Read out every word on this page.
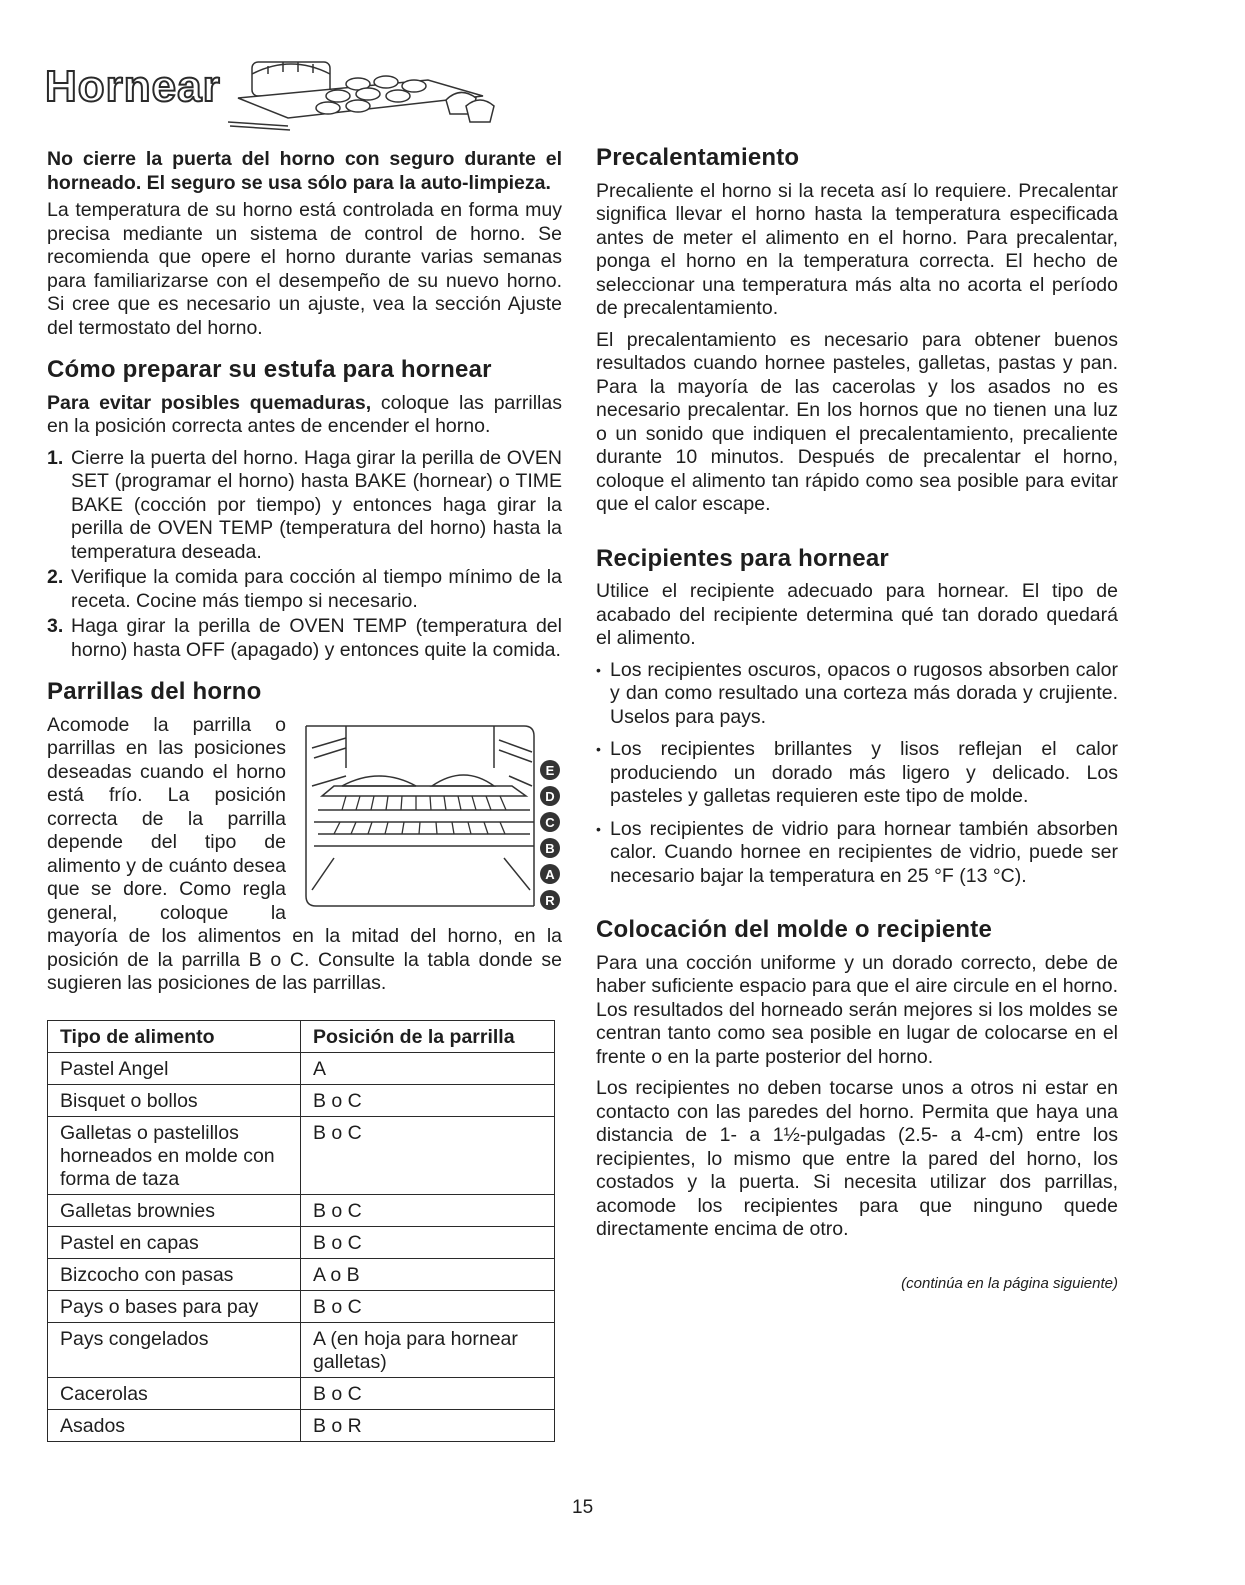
Hornear

No cierre la puerta del horno con seguro durante el horneado. El seguro se usa sólo para la auto-limpieza.

La temperatura de su horno está controlada en forma muy precisa mediante un sistema de control de horno. Se recomienda que opere el horno durante varias semanas para familiarizarse con el desempeño de su nuevo horno. Si cree que es necesario un ajuste, vea la sección Ajuste del termostato del horno.

Cómo preparar su estufa para hornear

Para evitar posibles quemaduras, coloque las parrillas en la posición correcta antes de encender el horno.

1. Cierre la puerta del horno. Haga girar la perilla de OVEN SET (programar el horno) hasta BAKE (hornear) o TIME BAKE (cocción por tiempo) y entonces haga girar la perilla de OVEN TEMP (temperatura del horno) hasta la temperatura deseada.
2. Verifique la comida para cocción al tiempo mínimo de la receta. Cocine más tiempo si necesario.
3. Haga girar la perilla de OVEN TEMP (temperatura del horno) hasta OFF (apagado) y entonces quite la comida.
Parrillas del horno
E
D
C
B
A
R

Acomode la parrilla o parrillas en las posiciones deseadas cuando el horno está frío. La posición correcta de la parrilla depende del tipo de alimento y de cuánto desea que se dore. Como regla general, coloque la mayoría de los alimentos en la mitad del horno, en la posición de la parrilla B o C. Consulte la tabla donde se sugieren las posiciones de las parrillas.

Tipo de alimento	Posición de la parrilla
Pastel Angel	A
Bisquet o bollos	B o C
Galletas o pastelillos horneados en molde con forma de taza	B o C
Galletas brownies	B o C
Pastel en capas	B o C
Bizcocho con pasas	A o B
Pays o bases para pay	B o C
Pays congelados	A (en hoja para hornear galletas)
Cacerolas	B o C
Asados	B o R
Precalentamiento

Precaliente el horno si la receta así lo requiere. Precalentar significa llevar el horno hasta la temperatura especificada antes de meter el alimento en el horno. Para precalentar, ponga el horno en la temperatura correcta. El hecho de seleccionar una temperatura más alta no acorta el período de precalentamiento.

El precalentamiento es necesario para obtener buenos resultados cuando hornee pasteles, galletas, pastas y pan. Para la mayoría de las cacerolas y los asados no es necesario precalentar. En los hornos que no tienen una luz o un sonido que indiquen el precalentamiento, precaliente durante 10 minutos. Después de precalentar el horno, coloque el alimento tan rápido como sea posible para evitar que el calor escape.

Recipientes para hornear

Utilice el recipiente adecuado para hornear. El tipo de acabado del recipiente determina qué tan dorado quedará el alimento.

• Los recipientes oscuros, opacos o rugosos absorben calor y dan como resultado una corteza más dorada y crujiente. Uselos para pays.
• Los recipientes brillantes y lisos reflejan el calor produciendo un dorado más ligero y delicado. Los pasteles y galletas requieren este tipo de molde.
• Los recipientes de vidrio para hornear también absorben calor. Cuando hornee en recipientes de vidrio, puede ser necesario bajar la temperatura en 25 °F (13 °C).
Colocación del molde o recipiente

Para una cocción uniforme y un dorado correcto, debe de haber suficiente espacio para que el aire circule en el horno. Los resultados del horneado serán mejores si los moldes se centran tanto como sea posible en lugar de colocarse en el frente o en la parte posterior del horno.

Los recipientes no deben tocarse unos a otros ni estar en contacto con las paredes del horno. Permita que haya una distancia de 1- a 1½-pulgadas (2.5- a 4-cm) entre los recipientes, lo mismo que entre la pared del horno, los costados y la puerta. Si necesita utilizar dos parrillas, acomode los recipientes para que ninguno quede directamente encima de otro.

(continúa en la página siguiente)
15
